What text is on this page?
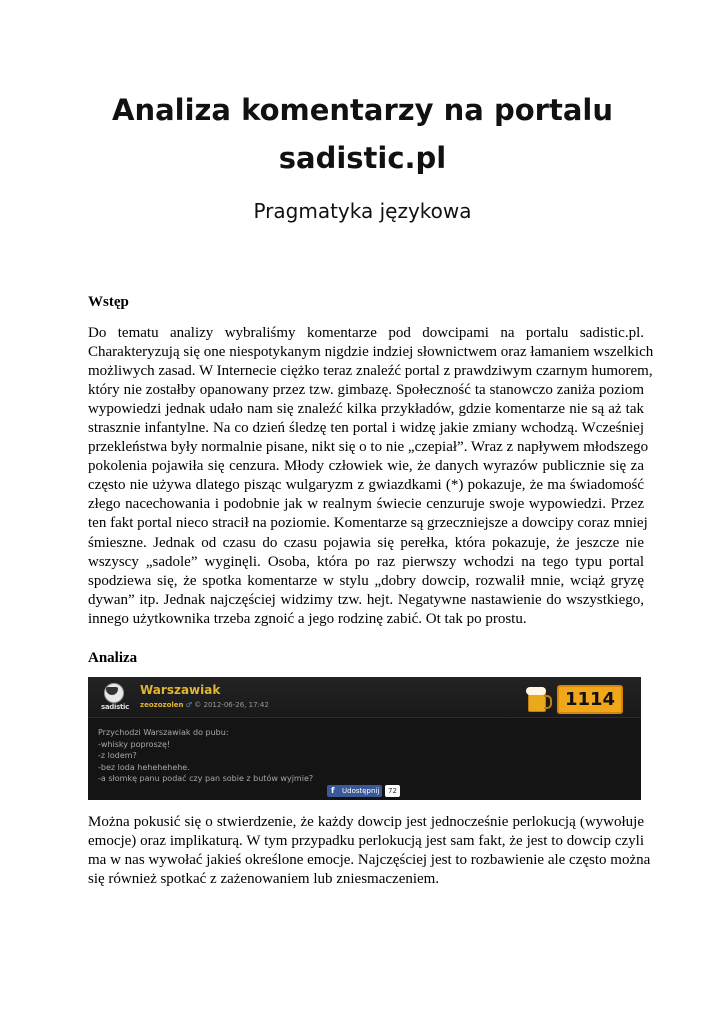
Analiza komentarzy na portalu
sadistic.pl
Pragmatyka językowa
Wstęp
Do tematu analizy wybraliśmy komentarze pod dowcipami na portalu sadistic.pl.
Charakteryzują się one niespotykanym nigdzie indziej słownictwem oraz łamaniem wszelkich
możliwych zasad. W Internecie ciężko teraz znaleźć portal z prawdziwym czarnym humorem,
który nie zostałby opanowany przez tzw. gimbazę. Społeczność ta stanowczo zaniża poziom
wypowiedzi jednak udało nam się znaleźć kilka przykładów, gdzie komentarze nie są aż tak
strasznie infantylne. Na co dzień śledzę ten portal i widzę jakie zmiany wchodzą. Wcześniej
przekleństwa były normalnie pisane, nikt się o to nie „czepiał”. Wraz z napływem młodszego
pokolenia pojawiła się cenzura. Młody człowiek wie, że danych wyrazów publicznie się za
często nie używa dlatego pisząc wulgaryzm z gwiazdkami (*) pokazuje, że ma świadomość
złego nacechowania i podobnie jak w realnym świecie cenzuruje swoje wypowiedzi. Przez
ten fakt portal nieco stracił na poziomie. Komentarze są grzeczniejsze a dowcipy coraz mniej
śmieszne. Jednak od czasu do czasu pojawia się perełka, która pokazuje, że jeszcze nie
wszyscy „sadole” wyginęli. Osoba, która po raz pierwszy wchodzi na tego typu portal
spodziewa się, że spotka komentarze w stylu „dobry dowcip, rozwalił mnie, wciąż gryzę
dywan” itp. Jednak najczęściej widzimy tzw. hejt. Negatywne nastawienie do wszystkiego,
innego użytkownika trzeba zgnoić a jego rodzinę zabić. Ot tak po prostu.
Analiza
sadistic
Warszawiak
zeozozolen ♂ © 2012-06-26, 17:42	1114
Przychodzi Warszawiak do pubu:
-whisky poproszę!
-z lodem?
-bez loda hehehehehe.
-a słomkę panu podać czy pan sobie z butów wyjmie?
f Udostępnij	72
Można pokusić się o stwierdzenie, że każdy dowcip jest jednocześnie perlokucją (wywołuje
emocje) oraz implikaturą. W tym przypadku perlokucją jest sam fakt, że jest to dowcip czyli
ma w nas wywołać jakieś określone emocje. Najczęściej jest to rozbawienie ale często można
się również spotkać z zażenowaniem lub zniesmaczeniem.
